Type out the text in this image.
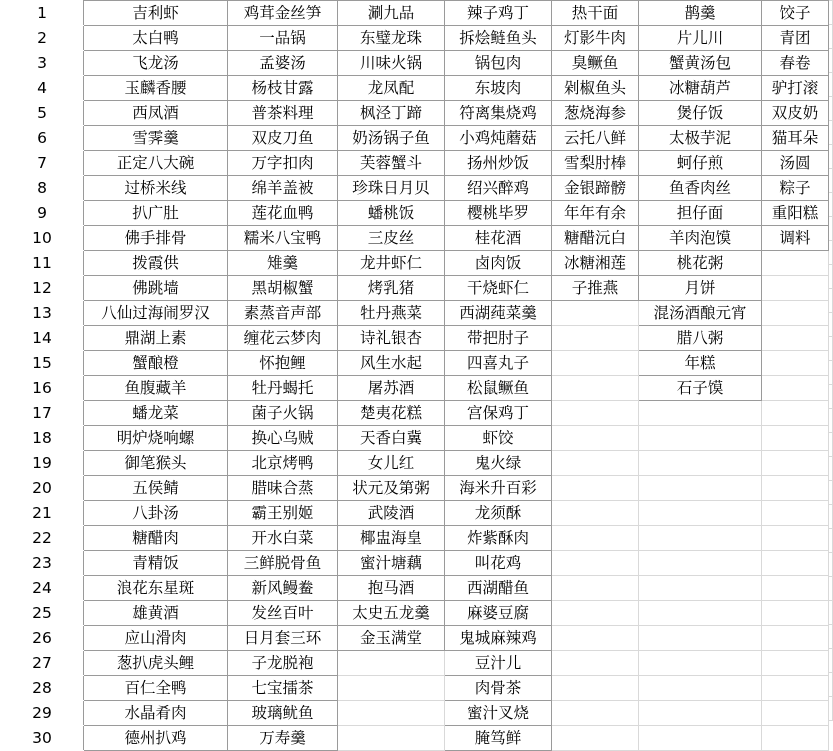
1	吉利虾	鸡茸金丝笋	涮九品	辣子鸡丁	热干面	鹊羹	饺子
2	太白鸭	一品锅	东璧龙珠	拆烩鲢鱼头	灯影牛肉	片儿川	青团
3	飞龙汤	孟婆汤	川味火锅	锅包肉	臭鳜鱼	蟹黄汤包	春卷
4	玉麟香腰	杨枝甘露	龙凤配	东坡肉	剁椒鱼头	冰糖葫芦	驴打滚
5	西凤酒	普茶料理	枫泾丁蹄	符离集烧鸡	葱烧海参	煲仔饭	双皮奶
6	雪霁羹	双皮刀鱼	奶汤锅子鱼	小鸡炖蘑菇	云托八鲜	太极芋泥	猫耳朵
7	正定八大碗	万字扣肉	芙蓉蟹斗	扬州炒饭	雪梨肘棒	蚵仔煎	汤圆
8	过桥米线	绵羊盖被	珍珠日月贝	绍兴醉鸡	金银蹄髈	鱼香肉丝	粽子
9	扒广肚	莲花血鸭	蟠桃饭	樱桃毕罗	年年有余	担仔面	重阳糕
10	佛手排骨	糯米八宝鸭	三皮丝	桂花酒	糖醋沅白	羊肉泡馍	调料
11	拨霞供	雉羹	龙井虾仁	卤肉饭	冰糖湘莲	桃花粥	
12	佛跳墙	黑胡椒蟹	烤乳猪	干烧虾仁	子推燕	月饼	
13	八仙过海闹罗汉	素蒸音声部	牡丹燕菜	西湖莼菜羹		混汤酒酿元宵	
14	鼎湖上素	缠花云梦肉	诗礼银杏	带把肘子		腊八粥	
15	蟹酿橙	怀抱鲤	风生水起	四喜丸子		年糕	
16	鱼腹藏羊	牡丹蝎托	屠苏酒	松鼠鳜鱼		石子馍	
17	蟠龙菜	菌子火锅	楚夷花糕	宫保鸡丁			
18	明炉烧响螺	换心乌贼	天香白冀	虾饺			
19	御笔猴头	北京烤鸭	女儿红	鬼火绿			
20	五侯鲭	腊味合蒸	状元及第粥	海米升百彩			
21	八卦汤	霸王别姬	武陵酒	龙须酥			
22	糖醋肉	开水白菜	椰盅海皇	炸紫酥肉			
23	青精饭	三鲜脱骨鱼	蜜汁塘藕	叫花鸡			
24	浪花东星斑	新风鳗鲞	抱马酒	西湖醋鱼			
25	雄黄酒	发丝百叶	太史五龙羹	麻婆豆腐			
26	应山滑肉	日月套三环	金玉满堂	鬼城麻辣鸡			
27	葱扒虎头鲤	子龙脱袍		豆汁儿			
28	百仁全鸭	七宝擂茶		肉骨茶			
29	水晶肴肉	玻璃鱿鱼		蜜汁叉烧			
30	德州扒鸡	万寿羹		腌笃鲜			
